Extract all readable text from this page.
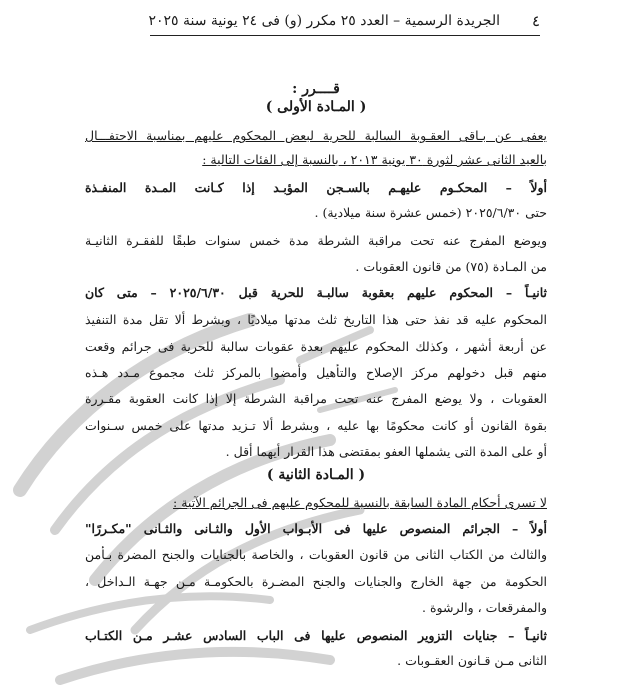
٤
الجريدة الرسمية – العدد ٢٥ مكرر (و) فى ٢٤ يونية سنة ٢٠٢٥
قــــرر :
( المـادة الأولى )
يعفى عن بـاقى العقـوبة السالبة للحرية لبعض المحكوم عليهم بمناسبة الاحتفـــال
بالعيد الثانى عشر لثورة ٣٠ يونية ٢٠١٣ ، بالنسبة إلى الفئات التالية :
أولاً – المحكـوم عليهـم بالسـجن المؤبـد إذا كـانت المـدة المنفـذة
حتى ٢٠٢٥/٦/٣٠ (خمس عشرة سنة ميلادية) .
ويوضع المفرج عنه تحت مراقبة الشرطة مدة خمس سنوات طبقًا للفقـرة الثانيـة
من المـادة (٧٥) من قانون العقوبات .
ثانيـاً – المحكوم عليهم بعقوبة سالبـة للحرية قبل ٢٠٢٥/٦/٣٠ – متى كان
المحكوم عليه قد نفذ حتى هذا التاريخ ثلث مدتها ميلاديًا ، وبشرط ألا تقل مدة التنفيذ
عن أربعة أشهر ، وكذلك المحكوم عليهم بعدة عقوبات سالبة للحرية فى جرائم وقعت
منهم قبل دخولهم مركز الإصلاح والتأهيل وأمضوا بالمركز ثلث مجموع مـدد هـذه
العقوبات ، ولا يوضع المفرج عنه تحت مراقبة الشرطة إلا إذا كانت العقوبة مقـررة
بقوة القانون أو كانت محكومًا بها عليه ، وبشرط ألا تـزيد مدتها على خمس سـنوات
أو على المدة التى يشملها العفو بمقتضى هذا القرار أيهما أقل .
( المـادة الثانية )
لا تسرى أحكام المادة السابقة بالنسبة للمحكوم عليهم فى الجرائم الآتية :
أولاً – الجرائم المنصوص عليها فى الأبـواب الأول والثـانى والثـانى "مكـررًا"
والثالث من الكتاب الثانى من قانون العقوبات ، والخاصة بالجنايات والجنح المضرة بـأمن
الحكومة من جهة الخارج والجنايات والجنح المضـرة بالحكومـة مـن جهـة الـداخل ،
والمفرقعات ، والرشوة .
ثانيـاً – جنايات التزوير المنصوص عليها فى الباب السادس عشـر مـن الكتـاب
الثانى مـن قـانون العقـوبات .
